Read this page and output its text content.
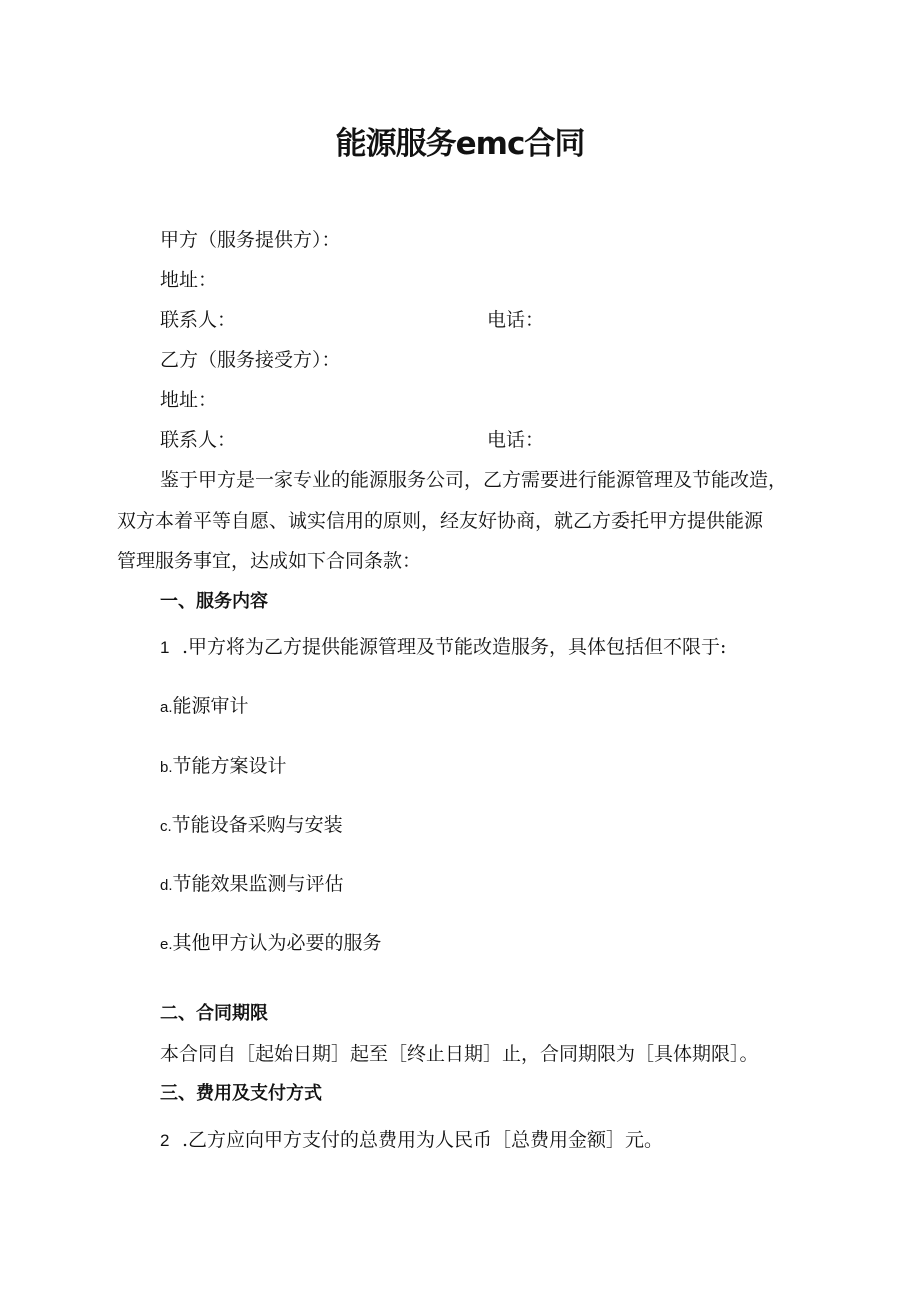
能源服务emc合同
甲方（服务提供方）：
地址：
联系人：	电话：
乙方（服务接受方）：
地址：
联系人：	电话：
鉴于甲方是一家专业的能源服务公司，乙方需要进行能源管理及节能改造，
双方本着平等自愿、诚实信用的原则，经友好协商，就乙方委托甲方提供能源
管理服务事宜，达成如下合同条款：
一、服务内容
1 .甲方将为乙方提供能源管理及节能改造服务，具体包括但不限于:
a.能源审计
b.节能方案设计
c.节能设备采购与安装
d.节能效果监测与评估
e.其他甲方认为必要的服务
二、合同期限
本合同自［起始日期］起至［终止日期］止，合同期限为［具体期限］。
三、费用及支付方式
2 .乙方应向甲方支付的总费用为人民币［总费用金额］元。
